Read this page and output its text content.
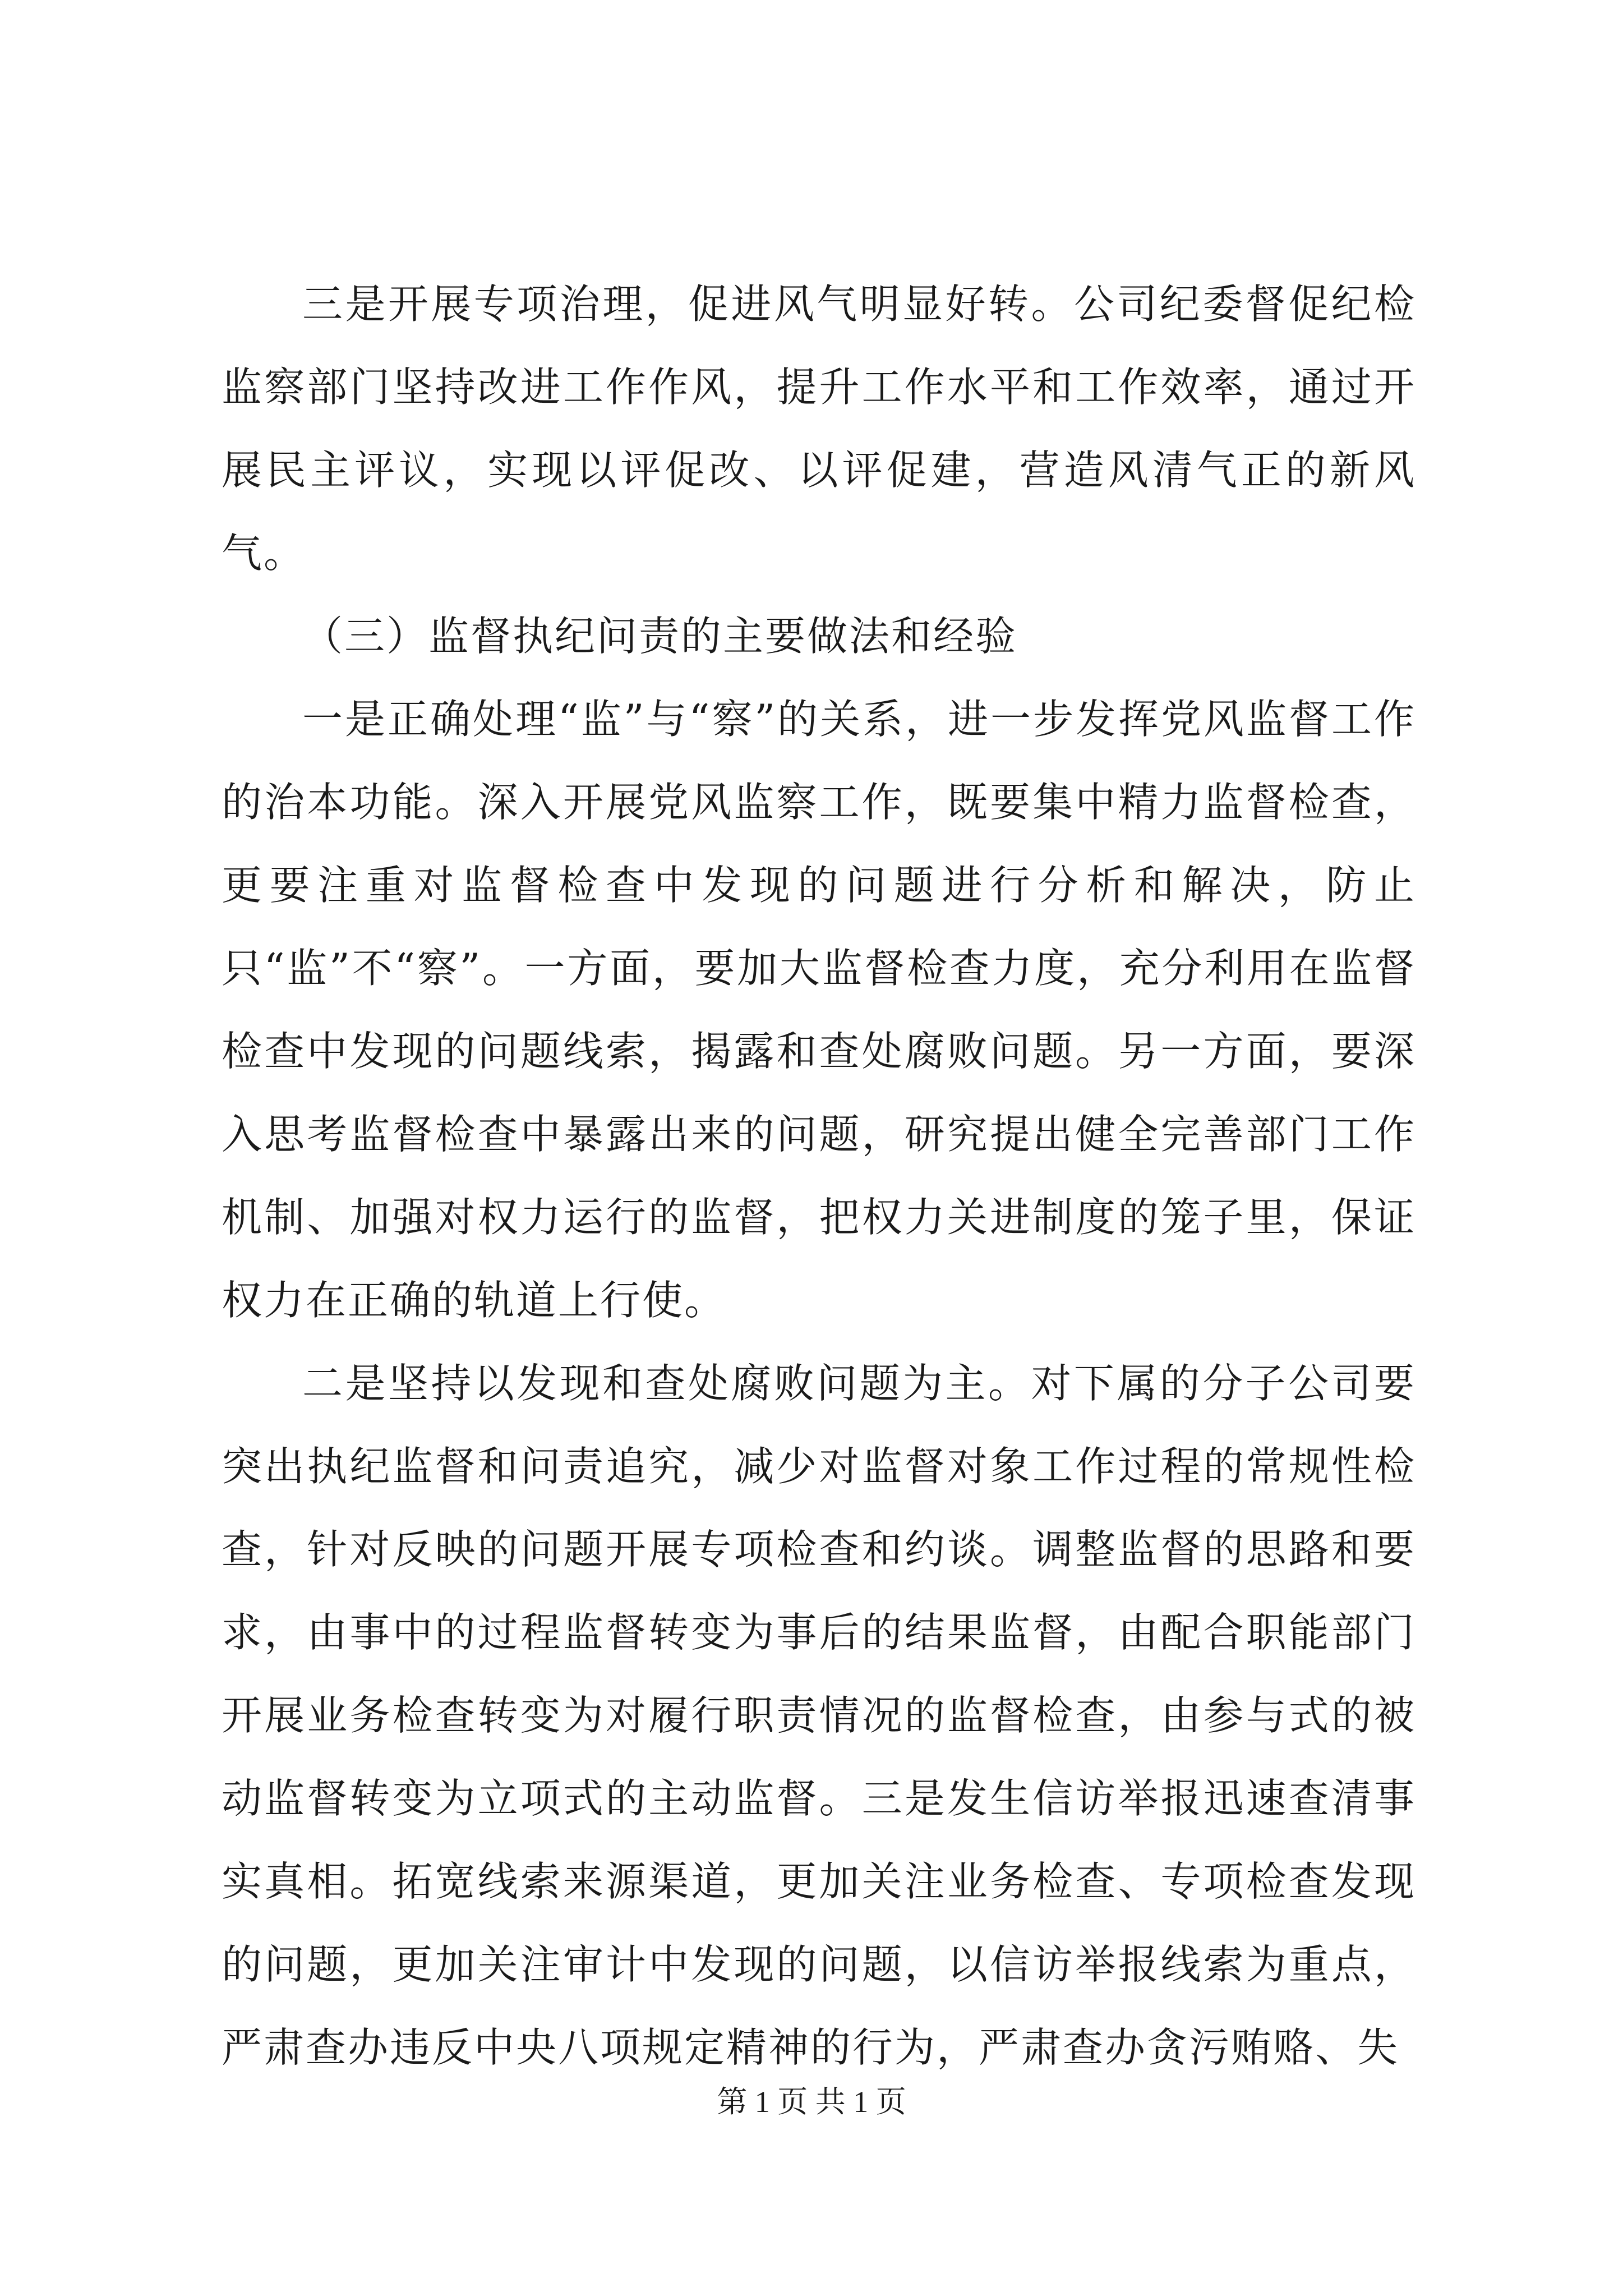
三是开展专项治理，促进风气明显好转。公司纪委督促纪检监察部门坚持改进工作作风，提升工作水平和工作效率，通过开展民主评议，实现以评促改、以评促建，营造风清气正的新风气。

（三）监督执纪问责的主要做法和经验

一是正确处理“监”与“察”的关系，进一步发挥党风监督工作的治本功能。深入开展党风监察工作，既要集中精力监督检查，更要注重对监督检查中发现的问题进行分析和解决，防止只“监”不“察”。一方面，要加大监督检查力度，充分利用在监督检查中发现的问题线索，揭露和查处腐败问题。另一方面，要深入思考监督检查中暴露出来的问题，研究提出健全完善部门工作机制、加强对权力运行的监督，把权力关进制度的笼子里，保证权力在正确的轨道上行使。

二是坚持以发现和查处腐败问题为主。对下属的分子公司要突出执纪监督和问责追究，减少对监督对象工作过程的常规性检查，针对反映的问题开展专项检查和约谈。调整监督的思路和要求，由事中的过程监督转变为事后的结果监督，由配合职能部门开展业务检查转变为对履行职责情况的监督检查，由参与式的被动监督转变为立项式的主动监督。三是发生信访举报迅速查清事实真相。拓宽线索来源渠道，更加关注业务检查、专项检查发现的问题，更加关注审计中发现的问题，以信访举报线索为重点，严肃查办违反中央八项规定精神的行为，严肃查办贪污贿赂、失

第 1 页 共 1 页
